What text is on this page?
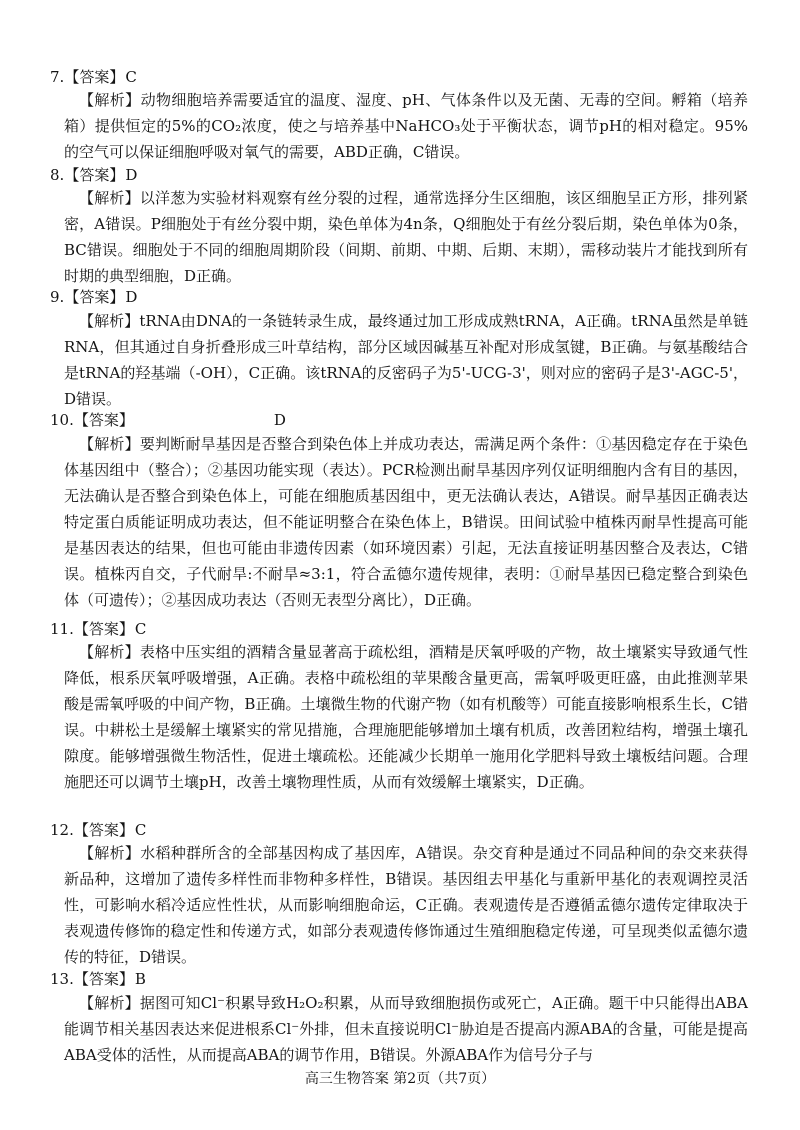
7.【答案】C

【解析】动物细胞培养需要适宜的温度、湿度、pH、气体条件以及无菌、无毒的空间。孵箱（培养箱）提供恒定的5%的CO₂浓度，使之与培养基中NaHCO₃处于平衡状态，调节pH的相对稳定。95%的空气可以保证细胞呼吸对氧气的需要，ABD正确，C错误。

8.【答案】D

【解析】以洋葱为实验材料观察有丝分裂的过程，通常选择分生区细胞，该区细胞呈正方形，排列紧密，A错误。P细胞处于有丝分裂中期，染色单体为4n条，Q细胞处于有丝分裂后期，染色单体为0条，BC错误。细胞处于不同的细胞周期阶段（间期、前期、中期、后期、末期），需移动装片才能找到所有时期的典型细胞，D正确。

9.【答案】D

【解析】tRNA由DNA的一条链转录生成，最终通过加工形成成熟tRNA，A正确。tRNA虽然是单链RNA，但其通过自身折叠形成三叶草结构，部分区域因碱基互补配对形成氢键，B正确。与氨基酸结合是tRNA的羟基端（-OH），C正确。该tRNA的反密码子为5'-UCG-3'，则对应的密码子是3'-AGC-5'，D错误。

10.【答案】	D

【解析】要判断耐旱基因是否整合到染色体上并成功表达，需满足两个条件：①基因稳定存在于染色体基因组中（整合）；②基因功能实现（表达）。PCR检测出耐旱基因序列仅证明细胞内含有目的基因，无法确认是否整合到染色体上，可能在细胞质基因组中，更无法确认表达，A错误。耐旱基因正确表达特定蛋白质能证明成功表达，但不能证明整合在染色体上，B错误。田间试验中植株丙耐旱性提高可能是基因表达的结果，但也可能由非遗传因素（如环境因素）引起，无法直接证明基因整合及表达，C错误。植株丙自交，子代耐旱:不耐旱≈3:1，符合孟德尔遗传规律，表明：①耐旱基因已稳定整合到染色体（可遗传）；②基因成功表达（否则无表型分离比），D正确。

11.【答案】C

【解析】表格中压实组的酒精含量显著高于疏松组，酒精是厌氧呼吸的产物，故土壤紧实导致通气性降低，根系厌氧呼吸增强，A正确。表格中疏松组的苹果酸含量更高，需氧呼吸更旺盛，由此推测苹果酸是需氧呼吸的中间产物，B正确。土壤微生物的代谢产物（如有机酸等）可能直接影响根系生长，C错误。中耕松土是缓解土壤紧实的常见措施，合理施肥能够增加土壤有机质，改善团粒结构，增强土壤孔隙度。能够增强微生物活性，促进土壤疏松。还能减少长期单一施用化学肥料导致土壤板结问题。合理施肥还可以调节土壤pH，改善土壤物理性质，从而有效缓解土壤紧实，D正确。

12.【答案】C

【解析】水稻种群所含的全部基因构成了基因库，A错误。杂交育种是通过不同品种间的杂交来获得新品种，这增加了遗传多样性而非物种多样性，B错误。基因组去甲基化与重新甲基化的表观调控灵活性，可影响水稻冷适应性性状，从而影响细胞命运，C正确。表观遗传是否遵循孟德尔遗传定律取决于表观遗传修饰的稳定性和传递方式，如部分表观遗传修饰通过生殖细胞稳定传递，可呈现类似孟德尔遗传的特征，D错误。

13.【答案】B

【解析】据图可知Cl⁻积累导致H₂O₂积累，从而导致细胞损伤或死亡，A正确。题干中只能得出ABA能调节相关基因表达来促进根系Cl⁻外排，但未直接说明Cl⁻胁迫是否提高内源ABA的含量，可能是提高ABA受体的活性，从而提高ABA的调节作用，B错误。外源ABA作为信号分子与

高三生物答案 第2页（共7页）
